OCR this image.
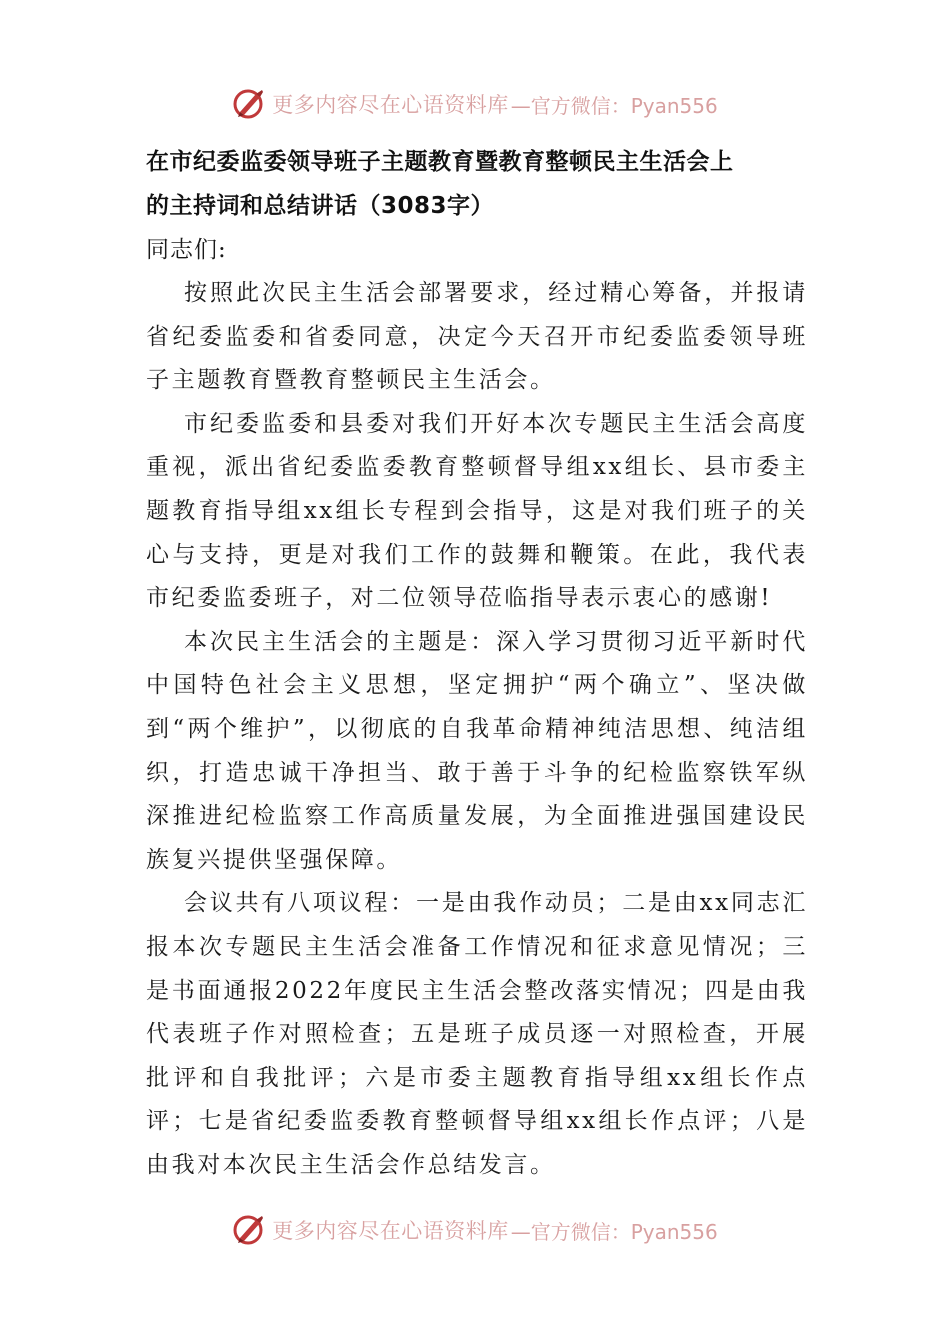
更多内容尽在心语资料库 —官方微信：Pyan556

在市纪委监委领导班子主题教育暨教育整顿民主生活会上

的主持词和总结讲话（3083字）

同志们:

按照此次民主生活会部署要求，经过精心筹备，并报请省纪委监委和省委同意，决定今天召开市纪委监委领导班子主题教育暨教育整顿民主生活会。

市纪委监委和县委对我们开好本次专题民主生活会高度重视，派出省纪委监委教育整顿督导组xx组长、县市委主题教育指导组xx组长专程到会指导，这是对我们班子的关心与支持，更是对我们工作的鼓舞和鞭策。在此，我代表市纪委监委班子，对二位领导莅临指导表示衷心的感谢!

本次民主生活会的主题是：深入学习贯彻习近平新时代中国特色社会主义思想，坚定拥护“两个确立”、坚决做到“两个维护”，以彻底的自我革命精神纯洁思想、纯洁组织，打造忠诚干净担当、敢于善于斗争的纪检监察铁军纵深推进纪检监察工作高质量发展，为全面推进强国建设民族复兴提供坚强保障。

会议共有八项议程：一是由我作动员；二是由xx同志汇报本次专题民主生活会准备工作情况和征求意见情况；三是书面通报2022年度民主生活会整改落实情况；四是由我代表班子作对照检查；五是班子成员逐一对照检查，开展批评和自我批评；六是市委主题教育指导组xx组长作点评；七是省纪委监委教育整顿督导组xx组长作点评；八是由我对本次民主生活会作总结发言。

更多内容尽在心语资料库 —官方微信：Pyan556
